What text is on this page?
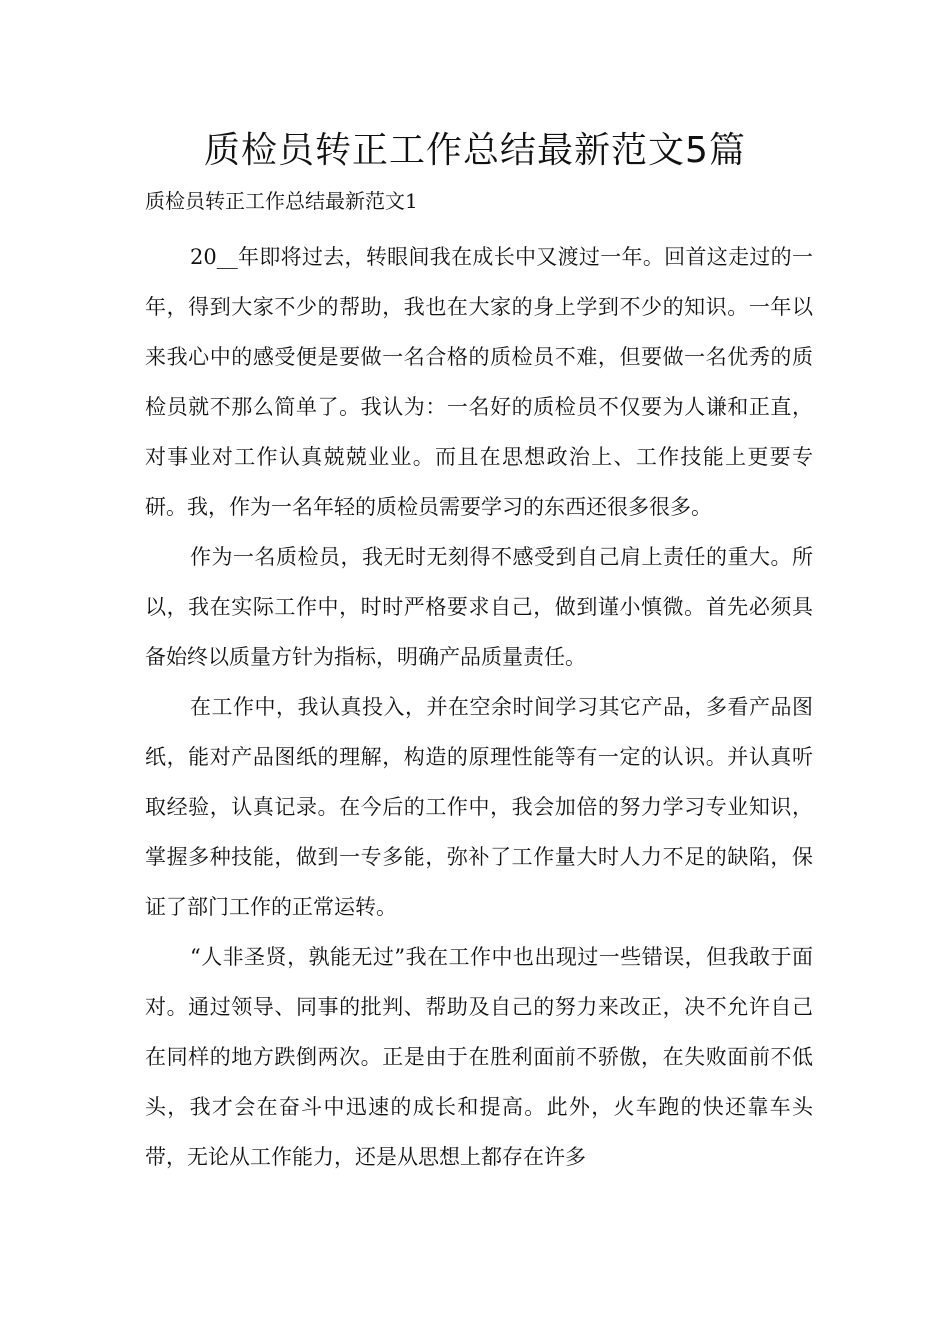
质检员转正工作总结最新范文5篇

质检员转正工作总结最新范文1

20__年即将过去，转眼间我在成长中又渡过一年。回首这走过的一年，得到大家不少的帮助，我也在大家的身上学到不少的知识。一年以来我心中的感受便是要做一名合格的质检员不难，但要做一名优秀的质检员就不那么简单了。我认为：一名好的质检员不仅要为人谦和正直，对事业对工作认真兢兢业业。而且在思想政治上、工作技能上更要专研。我，作为一名年轻的质检员需要学习的东西还很多很多。

作为一名质检员，我无时无刻得不感受到自己肩上责任的重大。所以，我在实际工作中，时时严格要求自己，做到谨小慎微。首先必须具备始终以质量方针为指标，明确产品质量责任。

在工作中，我认真投入，并在空余时间学习其它产品，多看产品图纸，能对产品图纸的理解，构造的原理性能等有一定的认识。并认真听取经验，认真记录。在今后的工作中，我会加倍的努力学习专业知识，掌握多种技能，做到一专多能，弥补了工作量大时人力不足的缺陷，保证了部门工作的正常运转。

“人非圣贤，孰能无过”我在工作中也出现过一些错误，但我敢于面对。通过领导、同事的批判、帮助及自己的努力来改正，决不允许自己在同样的地方跌倒两次。正是由于在胜利面前不骄傲，在失败面前不低头，我才会在奋斗中迅速的成长和提高。此外，火车跑的快还靠车头带，无论从工作能力，还是从思想上都存在许多
